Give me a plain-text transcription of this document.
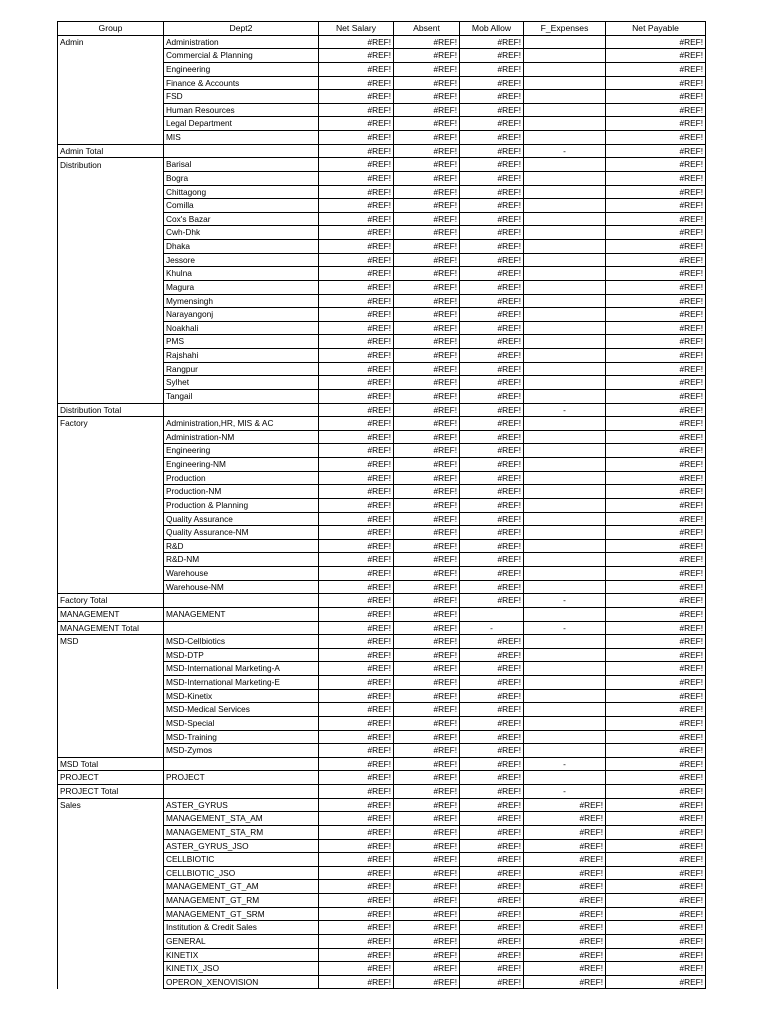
Group	Dept2	Net Salary	Absent	Mob Allow	F_Expenses	Net Payable
Admin	Administration	#REF!	#REF!	#REF!		#REF!
	Commercial & Planning	#REF!	#REF!	#REF!		#REF!
	Engineering	#REF!	#REF!	#REF!		#REF!
	Finance & Accounts	#REF!	#REF!	#REF!		#REF!
	FSD	#REF!	#REF!	#REF!		#REF!
	Human Resources	#REF!	#REF!	#REF!		#REF!
	Legal Department	#REF!	#REF!	#REF!		#REF!
	MIS	#REF!	#REF!	#REF!		#REF!
Admin Total		#REF!	#REF!	#REF!	-	#REF!
Distribution	Barisal	#REF!	#REF!	#REF!		#REF!
	Bogra	#REF!	#REF!	#REF!		#REF!
	Chittagong	#REF!	#REF!	#REF!		#REF!
	Comilla	#REF!	#REF!	#REF!		#REF!
	Cox's Bazar	#REF!	#REF!	#REF!		#REF!
	Cwh-Dhk	#REF!	#REF!	#REF!		#REF!
	Dhaka	#REF!	#REF!	#REF!		#REF!
	Jessore	#REF!	#REF!	#REF!		#REF!
	Khulna	#REF!	#REF!	#REF!		#REF!
	Magura	#REF!	#REF!	#REF!		#REF!
	Mymensingh	#REF!	#REF!	#REF!		#REF!
	Narayangonj	#REF!	#REF!	#REF!		#REF!
	Noakhali	#REF!	#REF!	#REF!		#REF!
	PMS	#REF!	#REF!	#REF!		#REF!
	Rajshahi	#REF!	#REF!	#REF!		#REF!
	Rangpur	#REF!	#REF!	#REF!		#REF!
	Sylhet	#REF!	#REF!	#REF!		#REF!
	Tangail	#REF!	#REF!	#REF!		#REF!
Distribution Total		#REF!	#REF!	#REF!	-	#REF!
Factory	Administration,HR, MIS & AC	#REF!	#REF!	#REF!		#REF!
	Administration-NM	#REF!	#REF!	#REF!		#REF!
	Engineering	#REF!	#REF!	#REF!		#REF!
	Engineering-NM	#REF!	#REF!	#REF!		#REF!
	Production	#REF!	#REF!	#REF!		#REF!
	Production-NM	#REF!	#REF!	#REF!		#REF!
	Production & Planning	#REF!	#REF!	#REF!		#REF!
	Quality Assurance	#REF!	#REF!	#REF!		#REF!
	Quality Assurance-NM	#REF!	#REF!	#REF!		#REF!
	R&D	#REF!	#REF!	#REF!		#REF!
	R&D-NM	#REF!	#REF!	#REF!		#REF!
	Warehouse	#REF!	#REF!	#REF!		#REF!
	Warehouse-NM	#REF!	#REF!	#REF!		#REF!
Factory Total		#REF!	#REF!	#REF!	-	#REF!
MANAGEMENT	MANAGEMENT	#REF!	#REF!			#REF!
MANAGEMENT Total		#REF!	#REF!	-	-	#REF!
MSD	MSD-Cellbiotics	#REF!	#REF!	#REF!		#REF!
	MSD-DTP	#REF!	#REF!	#REF!		#REF!
	MSD-International Marketing-A	#REF!	#REF!	#REF!		#REF!
	MSD-International Marketing-E	#REF!	#REF!	#REF!		#REF!
	MSD-Kinetix	#REF!	#REF!	#REF!		#REF!
	MSD-Medical Services	#REF!	#REF!	#REF!		#REF!
	MSD-Special	#REF!	#REF!	#REF!		#REF!
	MSD-Training	#REF!	#REF!	#REF!		#REF!
	MSD-Zymos	#REF!	#REF!	#REF!		#REF!
MSD Total		#REF!	#REF!	#REF!	-	#REF!
PROJECT	PROJECT	#REF!	#REF!	#REF!		#REF!
PROJECT Total		#REF!	#REF!	#REF!	-	#REF!
Sales	ASTER_GYRUS	#REF!	#REF!	#REF!	#REF!	#REF!
	MANAGEMENT_STA_AM	#REF!	#REF!	#REF!	#REF!	#REF!
	MANAGEMENT_STA_RM	#REF!	#REF!	#REF!	#REF!	#REF!
	ASTER_GYRUS_JSO	#REF!	#REF!	#REF!	#REF!	#REF!
	CELLBIOTIC	#REF!	#REF!	#REF!	#REF!	#REF!
	CELLBIOTIC_JSO	#REF!	#REF!	#REF!	#REF!	#REF!
	MANAGEMENT_GT_AM	#REF!	#REF!	#REF!	#REF!	#REF!
	MANAGEMENT_GT_RM	#REF!	#REF!	#REF!	#REF!	#REF!
	MANAGEMENT_GT_SRM	#REF!	#REF!	#REF!	#REF!	#REF!
	Institution & Credit Sales	#REF!	#REF!	#REF!	#REF!	#REF!
	GENERAL	#REF!	#REF!	#REF!	#REF!	#REF!
	KINETIX	#REF!	#REF!	#REF!	#REF!	#REF!
	KINETIX_JSO	#REF!	#REF!	#REF!	#REF!	#REF!
	OPERON_XENOVISION	#REF!	#REF!	#REF!	#REF!	#REF!
